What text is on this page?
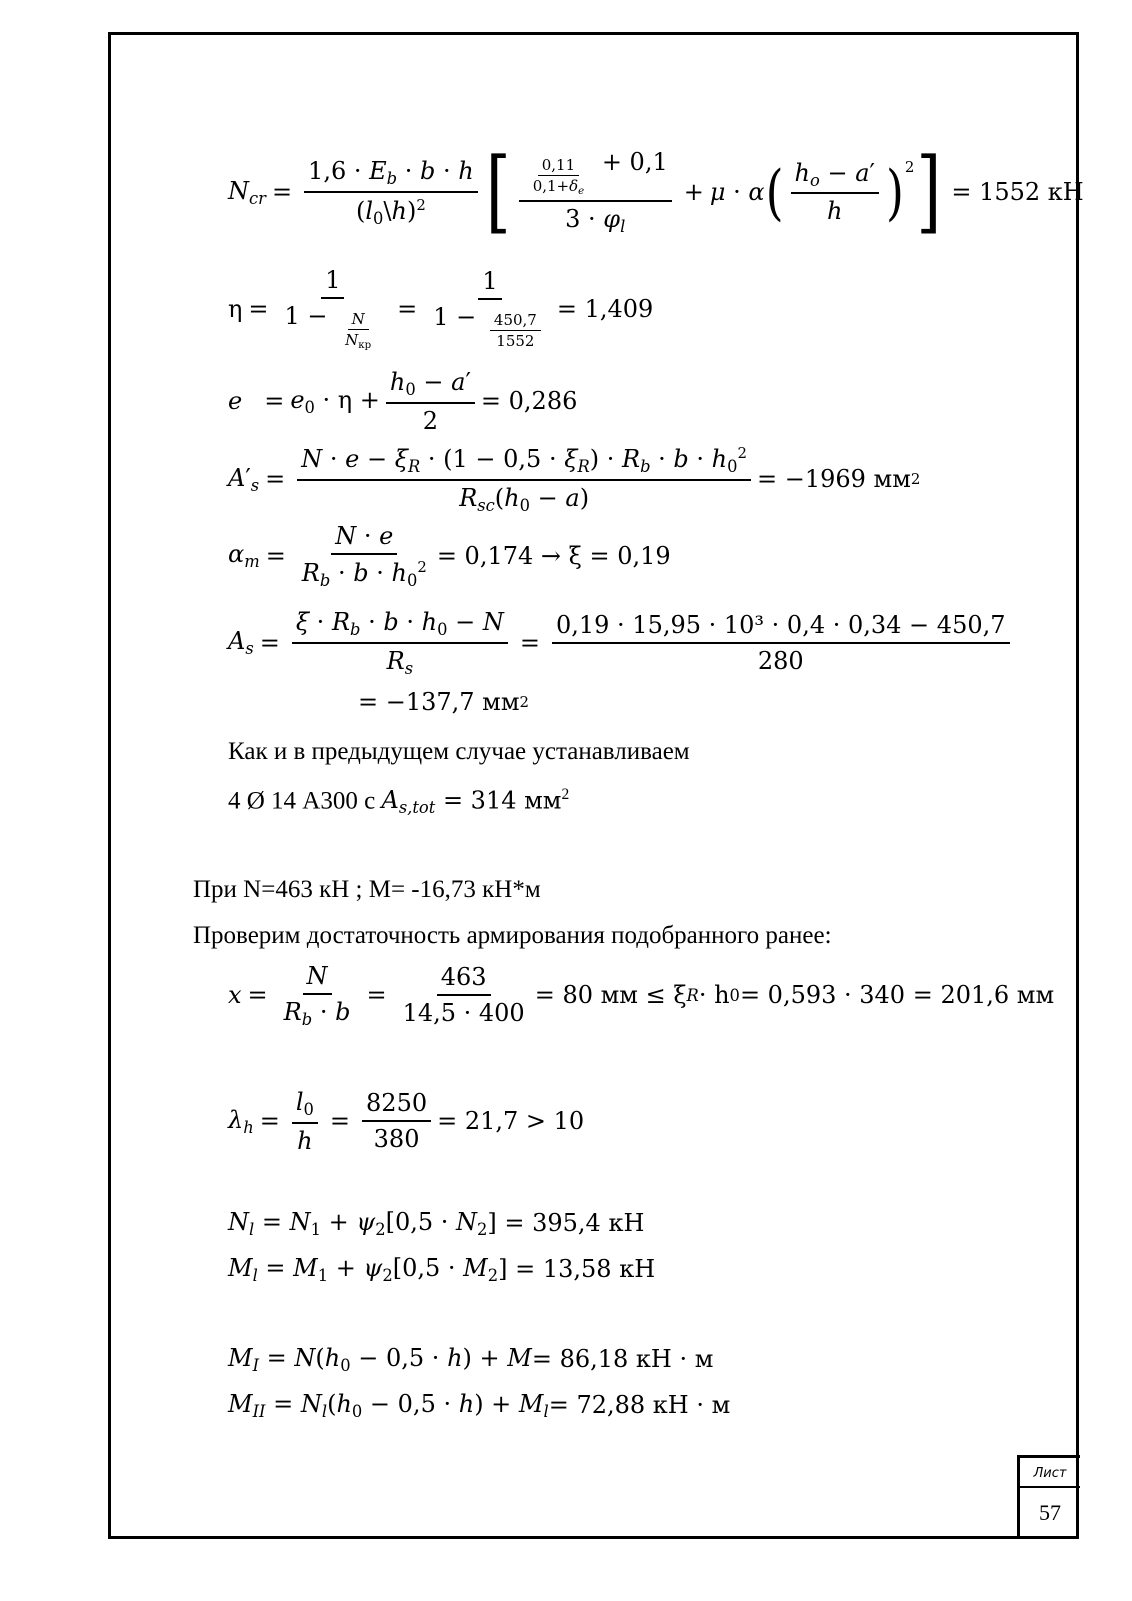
Лист
57
$N_{cr} = \frac{1,6 \cdot E_b \cdot b \cdot h}{(l_0\backslash h)^2}$ [ $\frac{\frac{0,11}{0,1+\delta_e} + 0,1}{3 \cdot \varphi_l} + \mu \cdot \alpha$ ( $\frac{h_o - a'}{h} )^2$ ] = 1552 кН
$\eta = \frac{1}{1 - \frac{N}{N_{кр}}} = \frac{1}{1 - \frac{450,7}{1552}} = 1,409$
$e = e_0 \cdot \eta + \frac{h_0 - a'}{2} = 0,286$
$A'_s = \frac{N \cdot e - \xi_R \cdot (1 - 0,5 \cdot \xi_R) \cdot R_b \cdot b \cdot h_0^2}{R_{sc}(h_0 - a)} = -1969$ мм 2
$\alpha_m = \frac{N \cdot e}{R_b \cdot b \cdot h_0^2} = 0,174 \to \xi = 0,19$
$A_s = \frac{\xi \cdot R_b \cdot b \cdot h_0 - N}{R_s} = \frac{\text{0,19 · 15,95 · 10³ · 0,4 · 0,34 − 450,7}}{280}$
= −137,7 мм 2
Как и в предыдущем случае устанавливаем
4 Ø 14 А300 с $A_{s,tot} = 314$ $мм^2$
При N=463 кН ; M= -16,73 кН*м
Проверим достаточность армирования подобранного ранее:
$x = \frac{N}{R_b \cdot b} = \frac{463}{14,5 \cdot 400} = 80$ мм ≤ ξ R · h 0 = 0,593 · 340 = 201,6 мм
$\lambda_h = \frac{l_0}{h} = \frac{8250}{380} = 21,7 > 10$
$N_l = N_1 + \psi_2[0,5 \cdot N_2$ ] = 395,4 кН
$M_l = M_1 + \psi_2[0,5 \cdot M_2$ ] = 13,58 кН
$M_I = N(h_0 - 0,5 \cdot h) + M = 86,18$ кН · м
$M_{II} = N_l(h_0 - 0,5 \cdot h) + M_l = 72,88$ кН · м
